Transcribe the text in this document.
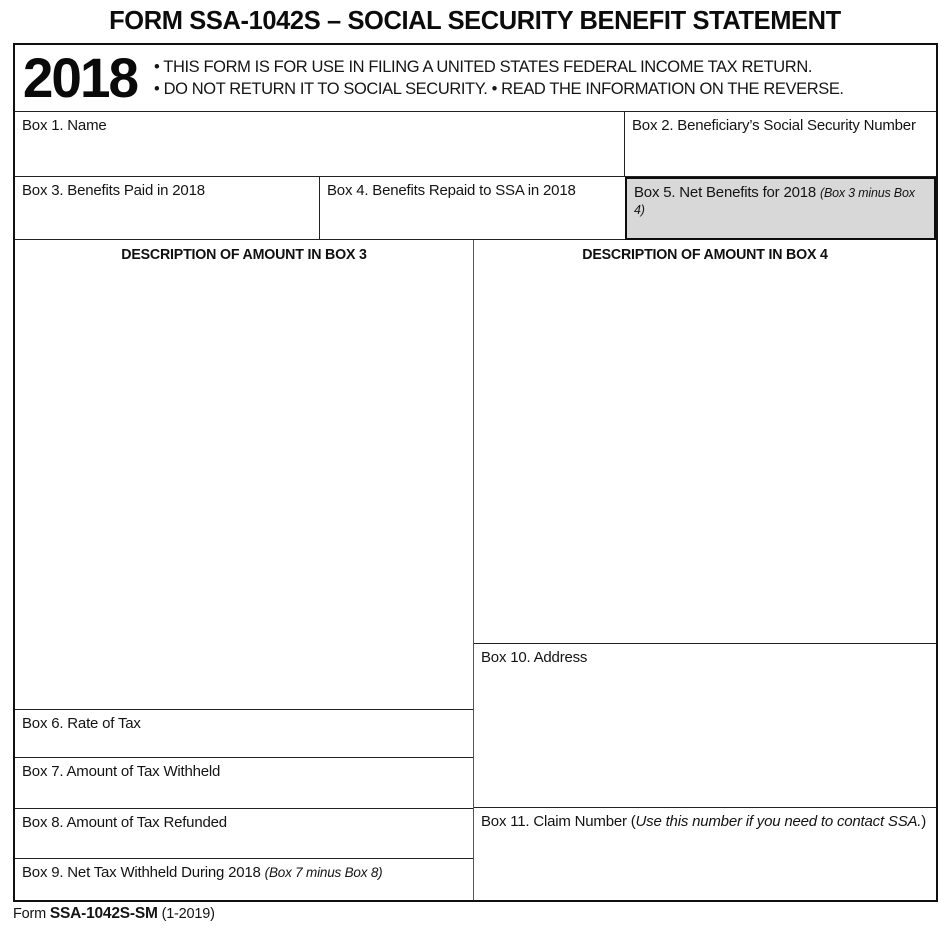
FORM SSA-1042S – SOCIAL SECURITY BENEFIT STATEMENT
2018 • THIS FORM IS FOR USE IN FILING A UNITED STATES FEDERAL INCOME TAX RETURN.
• DO NOT RETURN IT TO SOCIAL SECURITY. • READ THE INFORMATION ON THE REVERSE.
Box 1. Name	Box 2. Beneficiary’s Social Security Number
Box 3. Benefits Paid in 2018	Box 4. Benefits Repaid to SSA in 2018	Box 5. Net Benefits for 2018 (Box 3 minus Box 4)
DESCRIPTION OF AMOUNT IN BOX 3
Box 6. Rate of Tax
Box 7. Amount of Tax Withheld
Box 8. Amount of Tax Refunded
Box 9. Net Tax Withheld During 2018 (Box 7 minus Box 8)
DESCRIPTION OF AMOUNT IN BOX 4
Box 10. Address
Box 11. Claim Number (Use this number if you need to contact SSA.)
Form SSA-1042S-SM (1-2019)
